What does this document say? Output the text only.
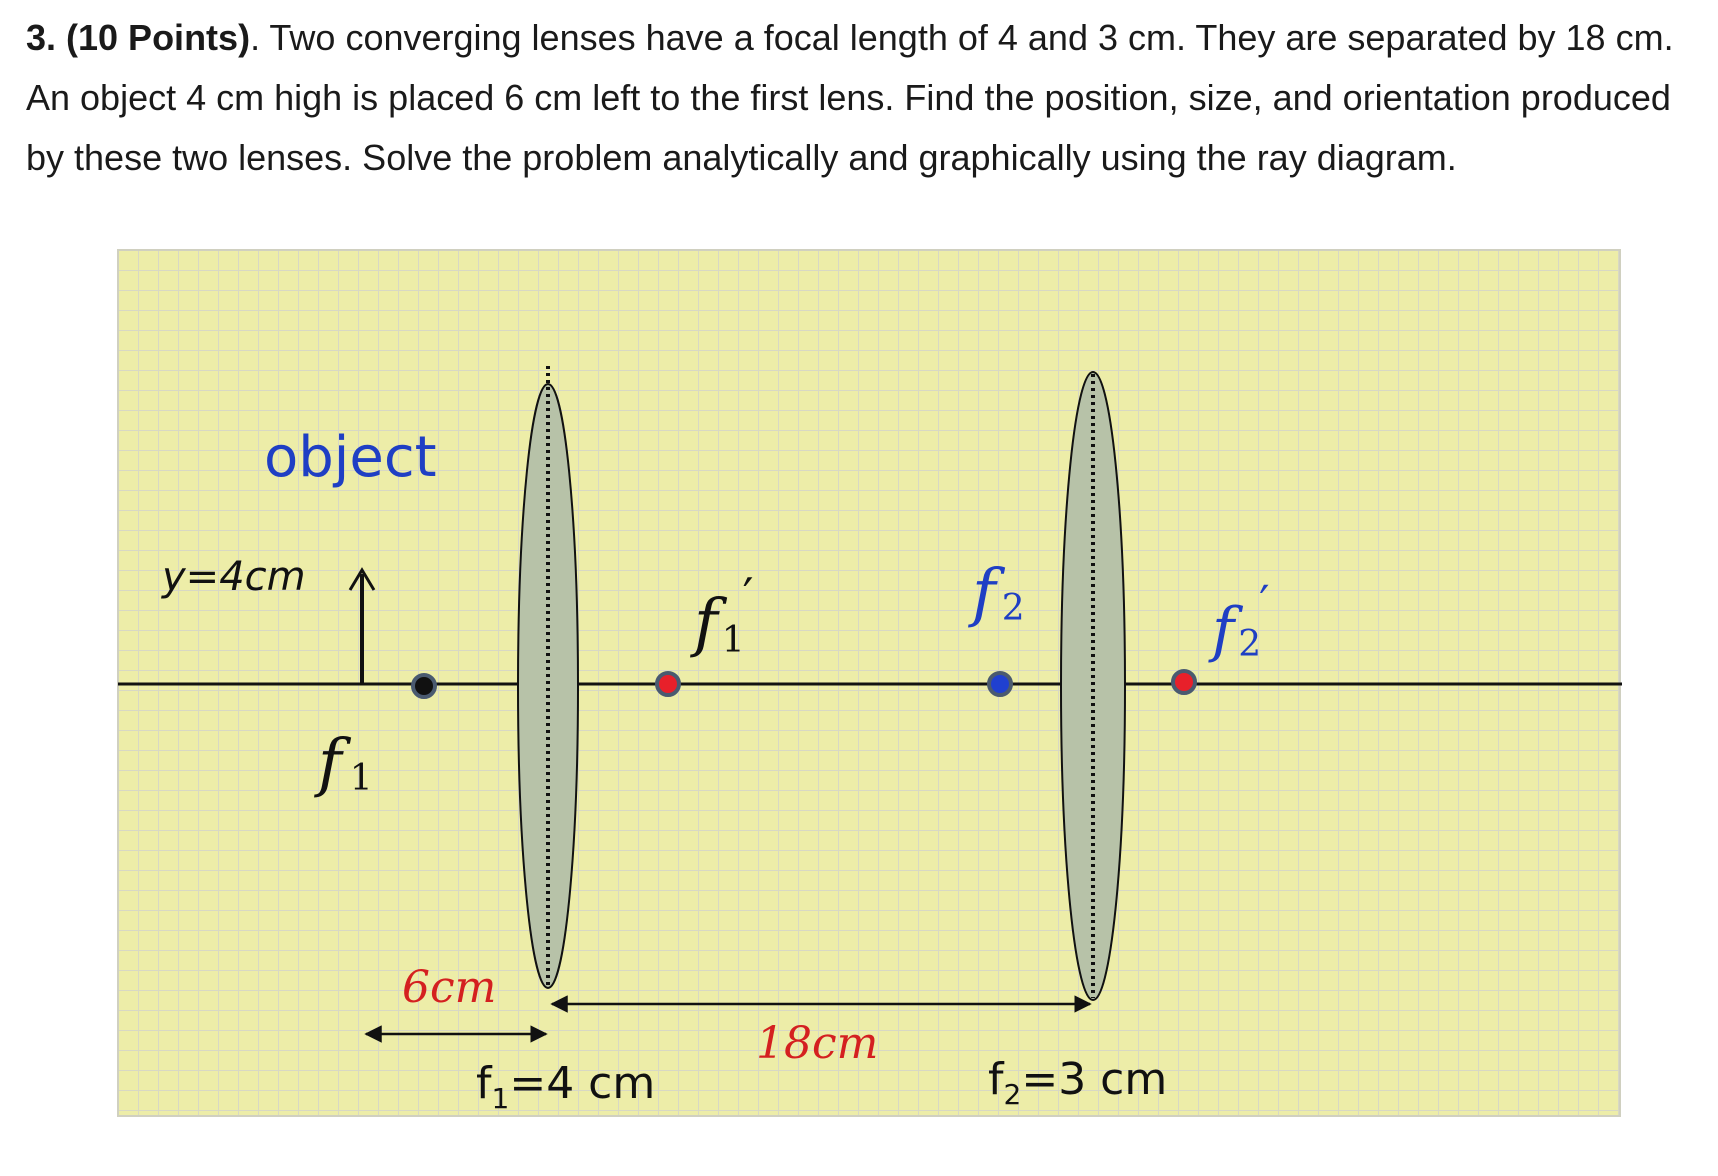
3. (10 Points). Two converging lenses have a focal length of 4 and 3 cm. They are separated by 18 cm. An object 4 cm high is placed 6 cm left to the first lens. Find the position, size, and orientation produced by these two lenses. Solve the problem analytically and graphically using the ray diagram.
object
y=4cm
f 1
f 1′	f 2	f 2′
6cm
18cm
$f_1=4$ cm	$f_2=3$ cm
